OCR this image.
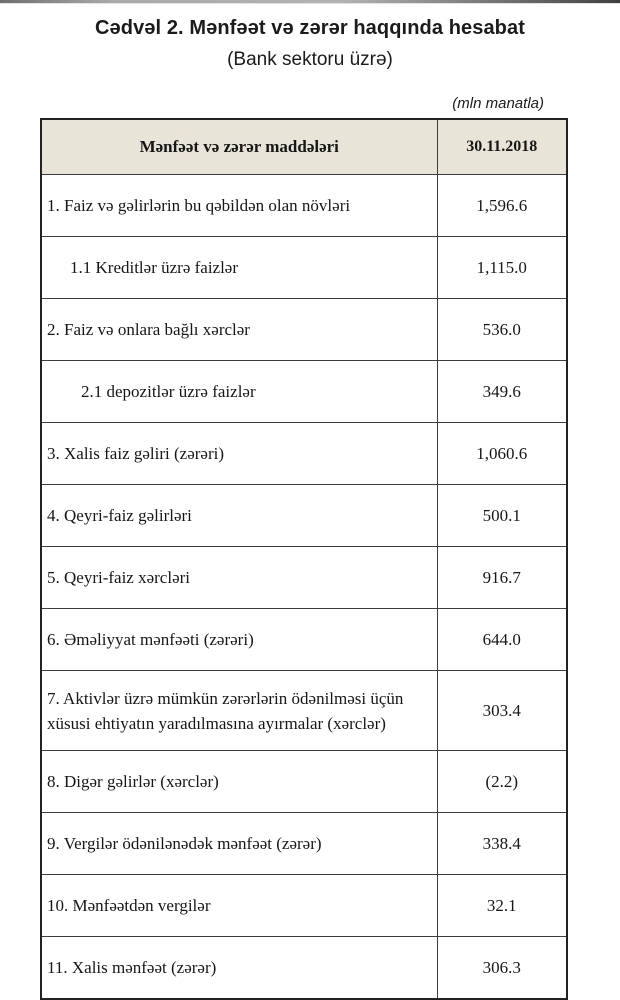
Cədvəl 2. Mənfəət və zərər haqqında hesabat
(Bank sektoru üzrə)
(mln manatla)
Mənfəət və zərər maddələri	30.11.2018
1. Faiz və gəlirlərin bu qəbildən olan növləri	1,596.6
1.1 Kreditlər üzrə faizlər	1,115.0
2. Faiz və onlara bağlı xərclər	536.0
2.1 depozitlər üzrə faizlər	349.6
3. Xalis faiz gəliri (zərəri)	1,060.6
4. Qeyri-faiz gəlirləri	500.1
5. Qeyri-faiz xərcləri	916.7
6. Əməliyyat mənfəəti (zərəri)	644.0
7. Aktivlər üzrə mümkün zərərlərin ödənilməsi üçün xüsusi ehtiyatın yaradılmasına ayırmalar (xərclər)	303.4
8. Digər gəlirlər (xərclər)	(2.2)
9. Vergilər ödənilənədək mənfəət (zərər)	338.4
10. Mənfəətdən vergilər	32.1
11. Xalis mənfəət (zərər)	306.3
